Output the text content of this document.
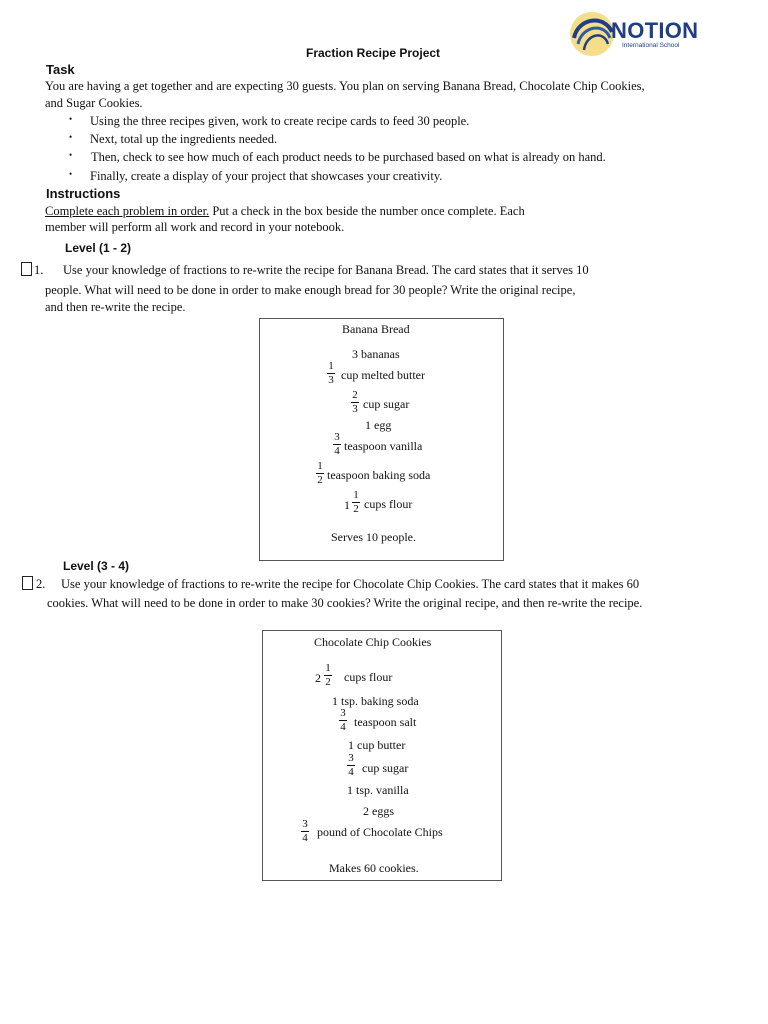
NOTION
International School
Fraction Recipe Project
Task
You are having a get together and are expecting 30 guests. You plan on serving Banana Bread, Chocolate Chip Cookies,
and Sugar Cookies.
• Using the three recipes given, work to create recipe cards to feed 30 people.
• Next, total up the ingredients needed.
• Then, check to see how much of each product needs to be purchased based on what is already on hand.
• Finally, create a display of your project that showcases your creativity.
Instructions
Complete each problem in order. Put a check in the box beside the number once complete. Each
member will perform all work and record in your notebook.
Level (1 - 2)
1. Use your knowledge of fractions to re-write the recipe for Banana Bread. The card states that it serves 10
people. What will need to be done in order to make enough bread for 30 people? Write the original recipe,
and then re-write the recipe.
Banana Bread
3 bananas
1
3 cup melted butter
2
3 cup sugar
1 egg
3
4 teaspoon vanilla
1
2 teaspoon baking soda
1
1
2 cups flour
Serves 10 people.
Level (3 - 4)
2. Use your knowledge of fractions to re-write the recipe for Chocolate Chip Cookies. The card states that it makes 60
cookies. What will need to be done in order to make 30 cookies? Write the original recipe, and then re-write the recipe.
Chocolate Chip Cookies
2
1
2 cups flour
1 tsp. baking soda
3
4 teaspoon salt
1 cup butter
3
4 cup sugar
1 tsp. vanilla
2 eggs
3
4 pound of Chocolate Chips
Makes 60 cookies.
